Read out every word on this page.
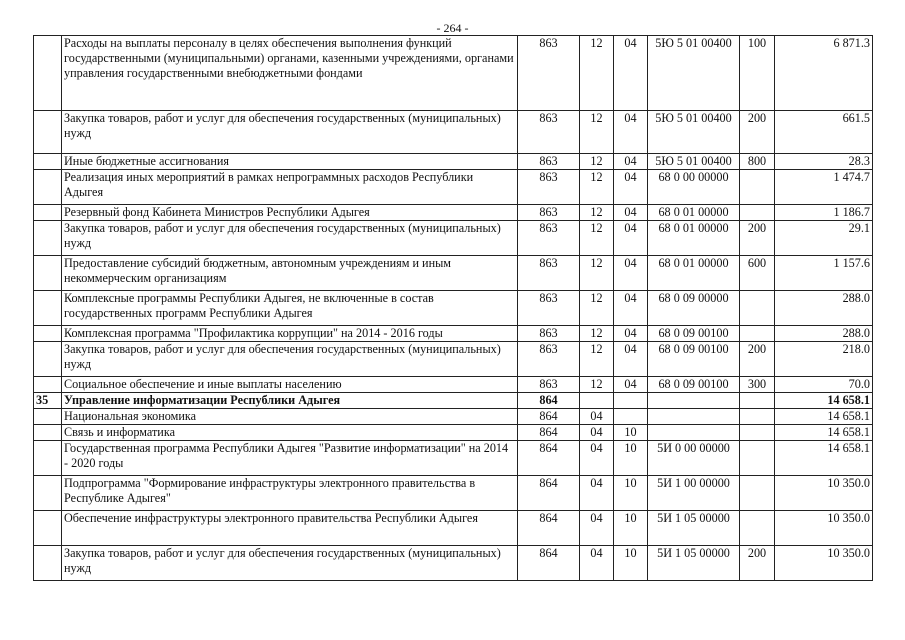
- 264 -
	Расходы на выплаты персоналу в целях обеспечения выполнения функций государственными (муниципальными) органами, казенными учреждениями, органами управления государственными внебюджетными фондами	863	12	04	5Ю 5 01 00400	100	6 871.3
	Закупка товаров, работ и услуг для обеспечения государственных (муниципальных) нужд	863	12	04	5Ю 5 01 00400	200	661.5
	Иные бюджетные ассигнования	863	12	04	5Ю 5 01 00400	800	28.3
	Реализация иных мероприятий в рамках непрограммных расходов Республики Адыгея	863	12	04	68 0 00 00000		1 474.7
	Резервный фонд Кабинета Министров Республики Адыгея	863	12	04	68 0 01 00000		1 186.7
	Закупка товаров, работ и услуг для обеспечения государственных (муниципальных) нужд	863	12	04	68 0 01 00000	200	29.1
	Предоставление субсидий бюджетным, автономным учреждениям и иным некоммерческим организациям	863	12	04	68 0 01 00000	600	1 157.6
	Комплексные программы Республики Адыгея, не включенные в состав государственных программ Республики Адыгея	863	12	04	68 0 09 00000		288.0
	Комплексная программа "Профилактика коррупции" на 2014 - 2016 годы	863	12	04	68 0 09 00100		288.0
	Закупка товаров, работ и услуг для обеспечения государственных (муниципальных) нужд	863	12	04	68 0 09 00100	200	218.0
	Социальное обеспечение и иные выплаты населению	863	12	04	68 0 09 00100	300	70.0
35	Управление информатизации Республики Адыгея	864					14 658.1
	Национальная экономика	864	04				14 658.1
	Связь и информатика	864	04	10			14 658.1
	Государственная программа Республики Адыгея "Развитие информатизации" на 2014 - 2020 годы	864	04	10	5И 0 00 00000		14 658.1
	Подпрограмма "Формирование инфраструктуры электронного правительства в Республике Адыгея"	864	04	10	5И 1 00 00000		10 350.0
	Обеспечение инфраструктуры электронного правительства Республики Адыгея	864	04	10	5И 1 05 00000		10 350.0
	Закупка товаров, работ и услуг для обеспечения государственных (муниципальных) нужд	864	04	10	5И 1 05 00000	200	10 350.0
